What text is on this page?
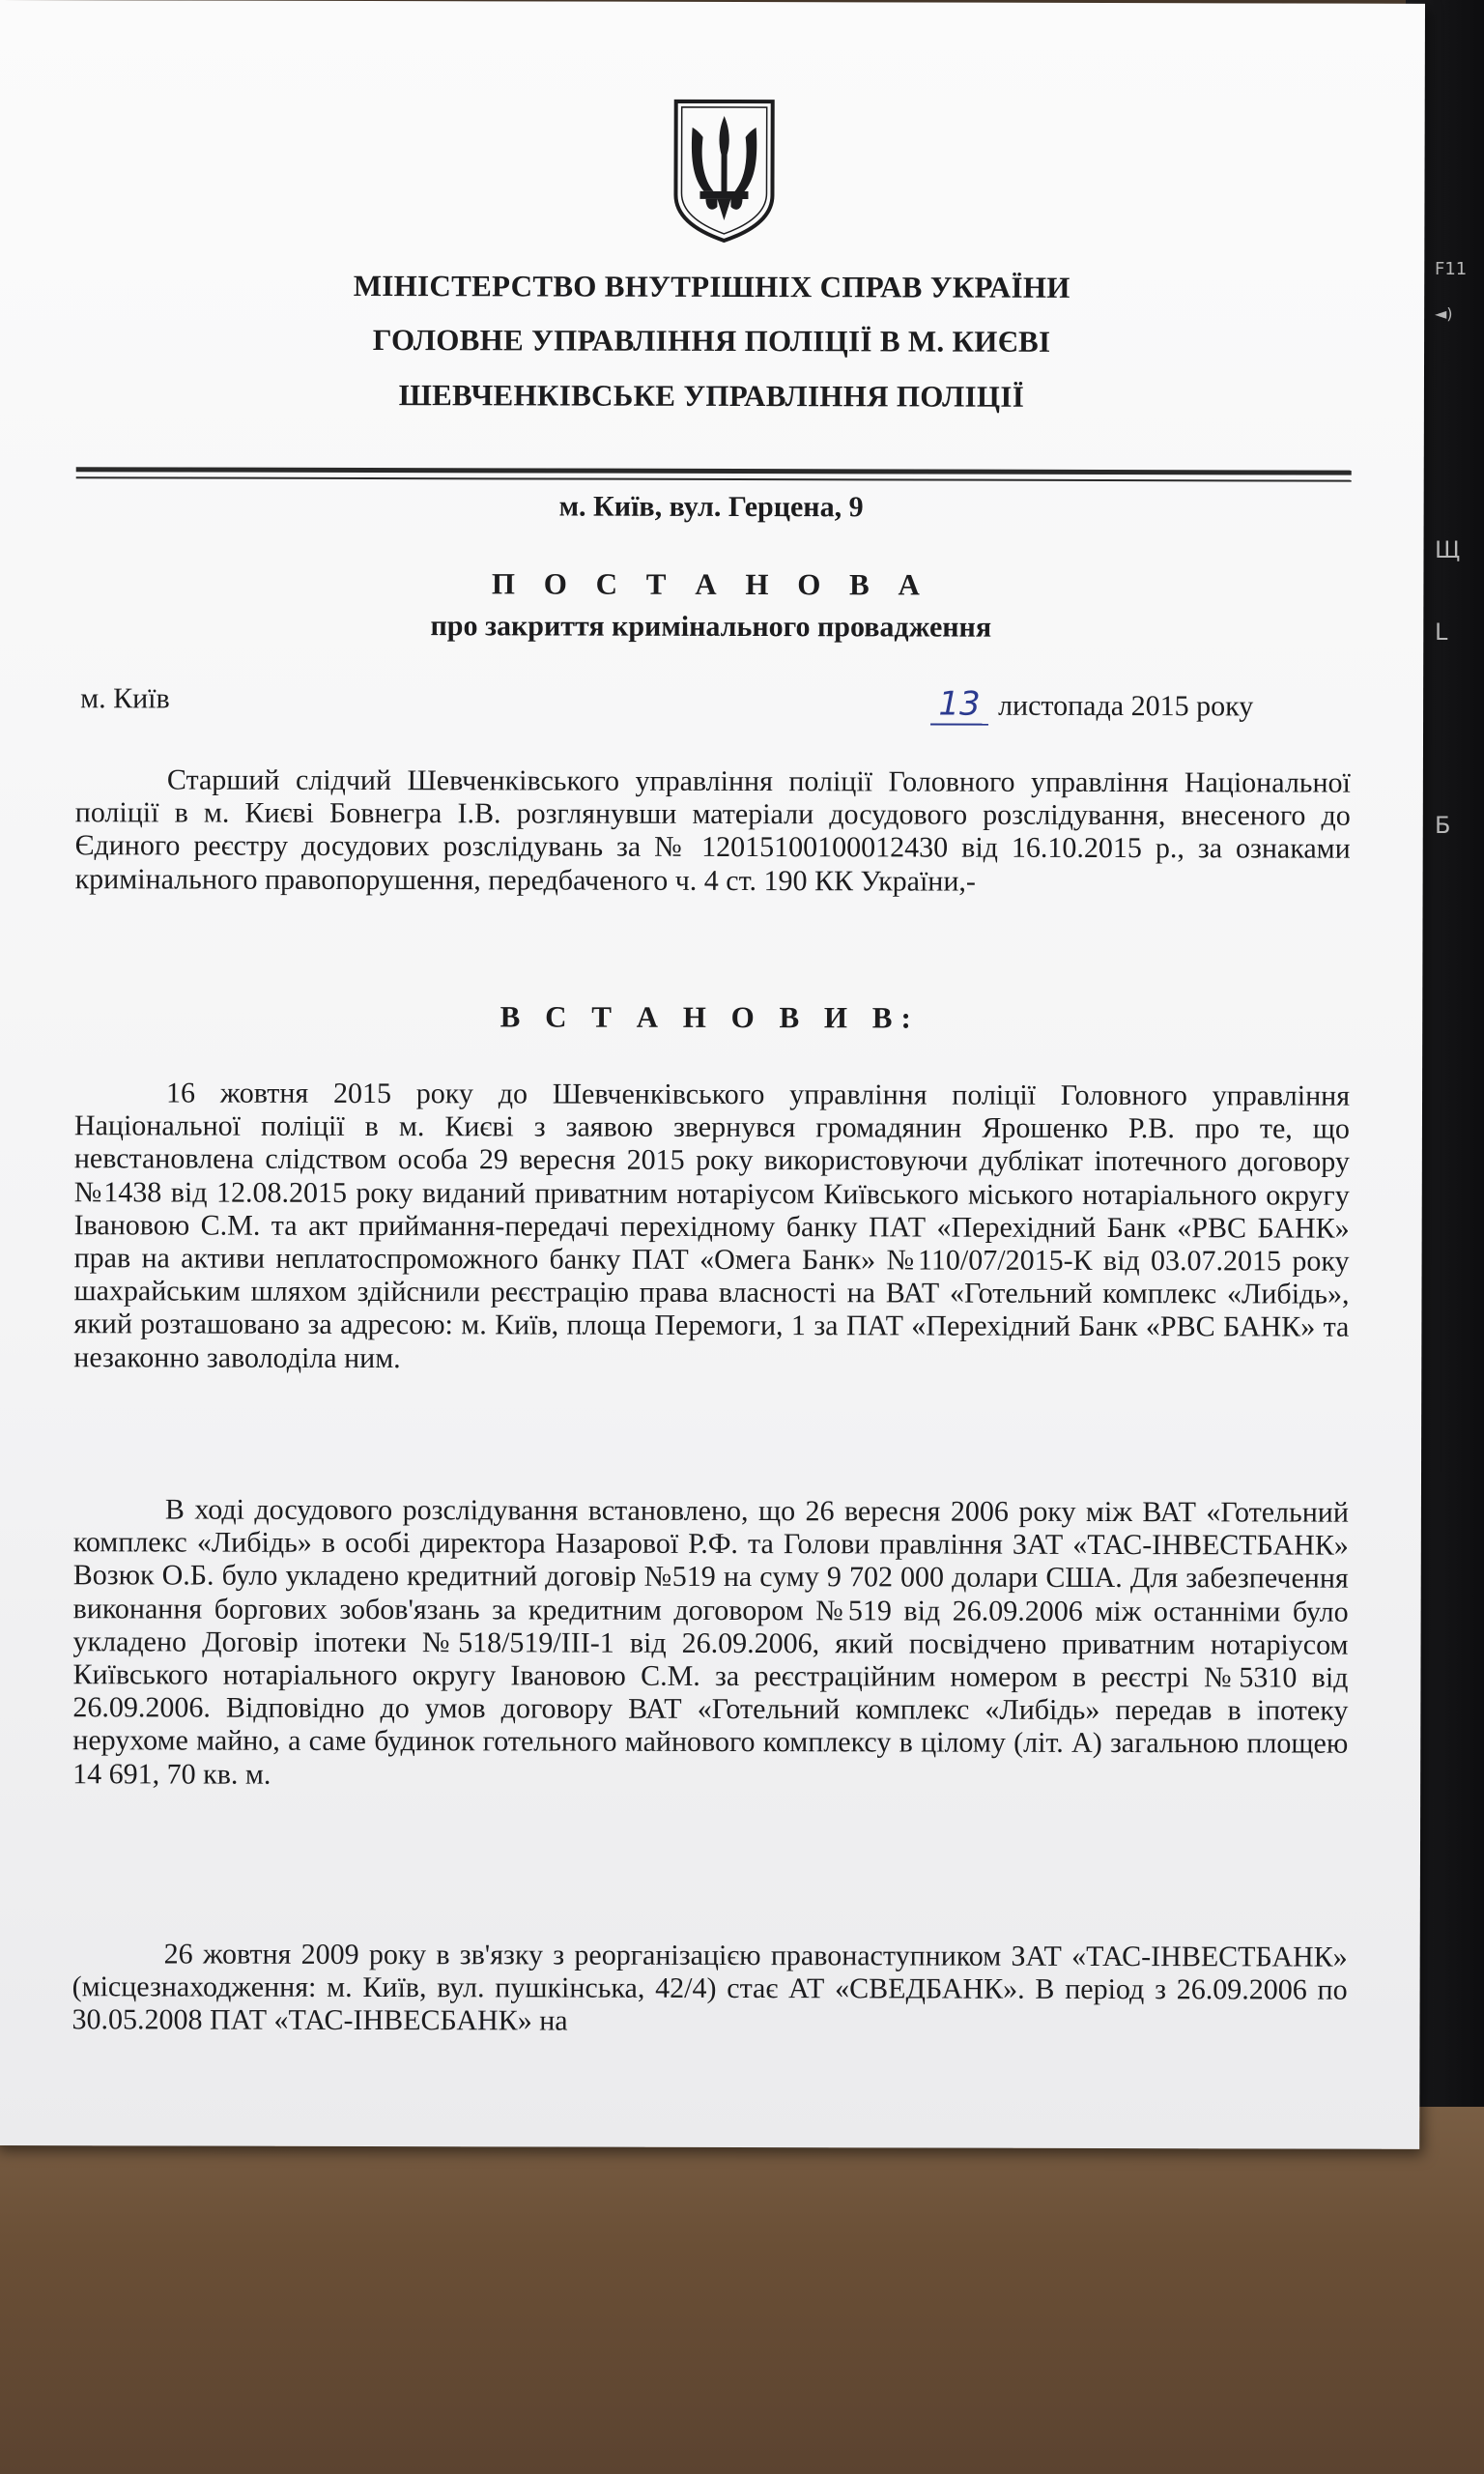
F11
◄)
Щ
L
Б
МІНІСТЕРСТВО ВНУТРІШНІХ СПРАВ УКРАЇНИ
ГОЛОВНЕ УПРАВЛІННЯ ПОЛІЦІЇ В М. КИЄВІ
ШЕВЧЕНКІВСЬКЕ УПРАВЛІННЯ ПОЛІЦІЇ
м. Київ, вул. Герцена, 9
П О С Т А Н О В А
про закриття кримінального провадження
м. Київ	13 листопада 2015 року

Старший слідчий Шевченківського управління поліції Головного управління Національної поліції в м. Києві Бовнегра І.В. розглянувши матеріали досудового розслідування, внесеного до Єдиного реєстру досудових розслідувань за № 12015100100012430 від 16.10.2015 р., за ознаками кримінального правопорушення, передбаченого ч. 4 ст. 190 КК України,-

В С Т А Н О В И В:

16 жовтня 2015 року до Шевченківського управління поліції Головного управління Національної поліції в м. Києві з заявою звернувся громадянин Ярошенко Р.В. про те, що невстановлена слідством особа 29 вересня 2015 року використовуючи дублікат іпотечного договору №1438 від 12.08.2015 року виданий приватним нотаріусом Київського міського нотаріального округу Івановою С.М. та акт приймання-передачі перехідному банку ПАТ «Перехідний Банк «РВС БАНК» прав на активи неплатоспроможного банку ПАТ «Омега Банк» №110/07/2015-К від 03.07.2015 року шахрайським шляхом здійснили реєстрацію права власності на ВАТ «Готельний комплекс «Либідь», який розташовано за адресою: м. Київ, площа Перемоги, 1 за ПАТ «Перехідний Банк «РВС БАНК» та незаконно заволоділа ним.

В ході досудового розслідування встановлено, що 26 вересня 2006 року між ВАТ «Готельний комплекс «Либідь» в особі директора Назарової Р.Ф. та Голови правління ЗАТ «ТАС-ІНВЕСТБАНК» Возюк О.Б. було укладено кредитний договір №519 на суму 9 702 000 долари США. Для забезпечення виконання боргових зобов'язань за кредитним договором №519 від 26.09.2006 між останніми було укладено Договір іпотеки №518/519/ІІІ-1 від 26.09.2006, який посвідчено приватним нотаріусом Київського нотаріального округу Івановою С.М. за реєстраційним номером в реєстрі №5310 від 26.09.2006. Відповідно до умов договору ВАТ «Готельний комплекс «Либідь» передав в іпотеку нерухоме майно, а саме будинок готельного майнового комплексу в цілому (літ. А) загальною площею 14 691, 70 кв. м.

26 жовтня 2009 року в зв'язку з реорганізацією правонаступником ЗАТ «ТАС-ІНВЕСТБАНК» (місцезнаходження: м. Київ, вул. пушкінська, 42/4) стає АТ «СВЕДБАНК». В період з 26.09.2006 по 30.05.2008 ПАТ «ТАС-ІНВЕСБАНК» на
